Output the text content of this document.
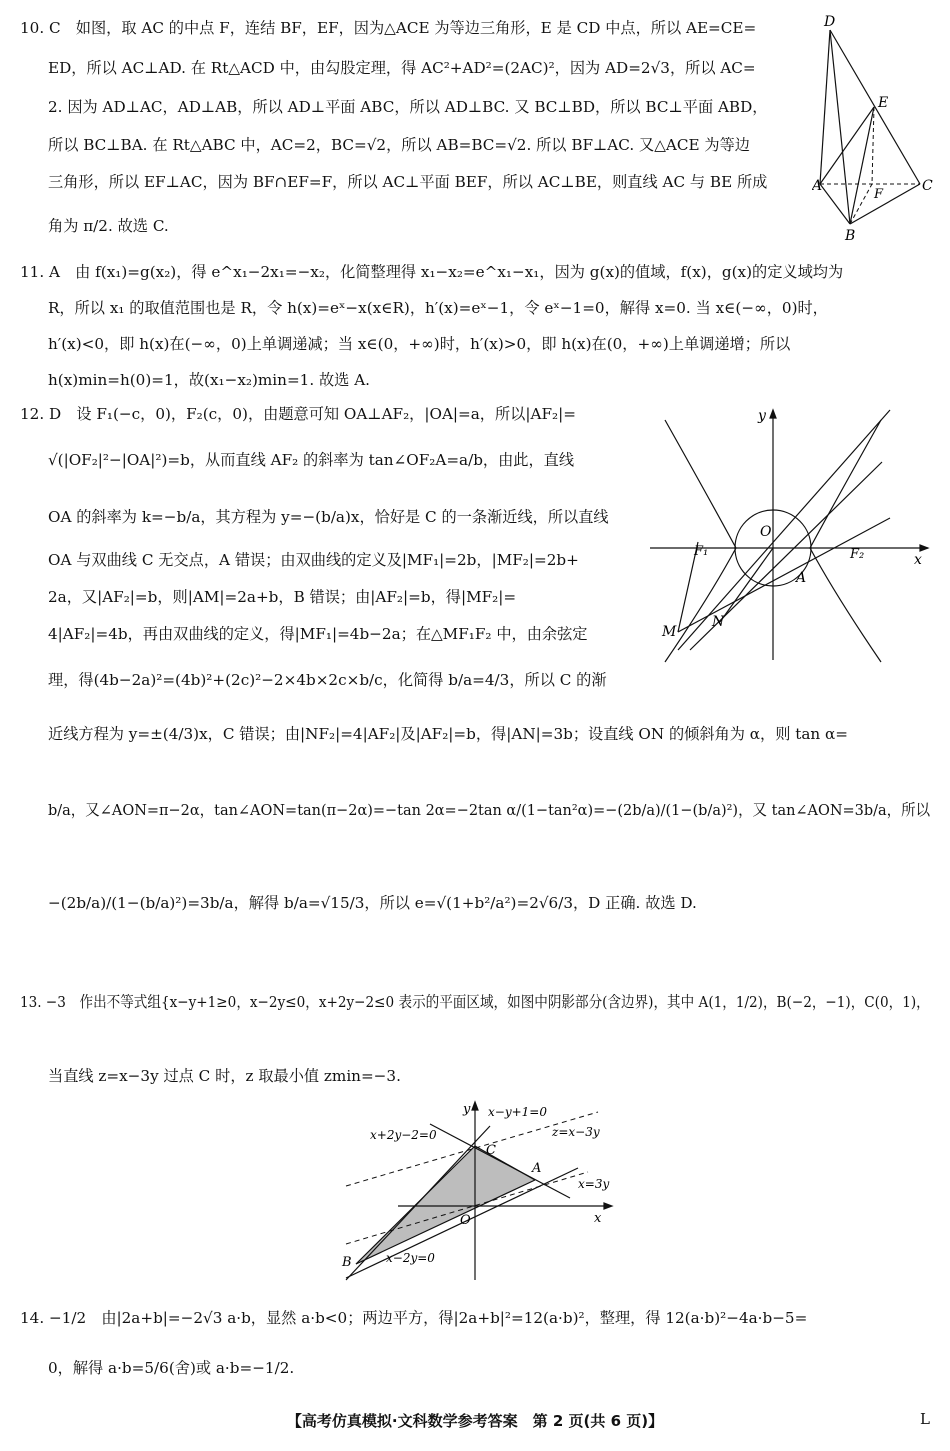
10. C　如图，取 AC 的中点 F，连结 BF，EF，因为△ACE 为等边三角形，E 是 CD 中点，所以 AE=CE=
ED，所以 AC⊥AD. 在 Rt△ACD 中，由勾股定理，得 AC²+AD²=(2AC)²，因为 AD=2√3，所以 AC=
2. 因为 AD⊥AC，AD⊥AB，所以 AD⊥平面 ABC，所以 AD⊥BC. 又 BC⊥BD，所以 BC⊥平面 ABD，
所以 BC⊥BA. 在 Rt△ABC 中，AC=2，BC=√2，所以 AB=BC=√2. 所以 BF⊥AC. 又△ACE 为等边
三角形，所以 EF⊥AC，因为 BF∩EF=F，所以 AC⊥平面 BEF，所以 AC⊥BE，则直线 AC 与 BE 所成
角为 π/2. 故选 C.
11. A　由 f(x₁)=g(x₂)，得 e^x₁−2x₁=−x₂，化简整理得 x₁−x₂=e^x₁−x₁，因为 g(x)的值域，f(x)，g(x)的定义域均为
R，所以 x₁ 的取值范围也是 R，令 h(x)=eˣ−x(x∈R)，h′(x)=eˣ−1，令 eˣ−1=0，解得 x=0. 当 x∈(−∞，0)时，
h′(x)<0，即 h(x)在(−∞，0)上单调递减；当 x∈(0，+∞)时，h′(x)>0，即 h(x)在(0，+∞)上单调递增；所以
h(x)min=h(0)=1，故(x₁−x₂)min=1. 故选 A.
12. D　设 F₁(−c，0)，F₂(c，0)，由题意可知 OA⊥AF₂，|OA|=a，所以|AF₂|=
√(|OF₂|²−|OA|²)=b，从而直线 AF₂ 的斜率为 tan∠OF₂A=a/b，由此，直线
OA 的斜率为 k=−b/a，其方程为 y=−(b/a)x，恰好是 C 的一条渐近线，所以直线
OA 与双曲线 C 无交点，A 错误；由双曲线的定义及|MF₁|=2b，|MF₂|=2b+
2a，又|AF₂|=b，则|AM|=2a+b，B 错误；由|AF₂|=b，得|MF₂|=
4|AF₂|=4b，再由双曲线的定义，得|MF₁|=4b−2a；在△MF₁F₂ 中，由余弦定
理，得(4b−2a)²=(4b)²+(2c)²−2×4b×2c×b/c，化简得 b/a=4/3，所以 C 的渐
近线方程为 y=±(4/3)x，C 错误；由|NF₂|=4|AF₂|及|AF₂|=b，得|AN|=3b；设直线 ON 的倾斜角为 α，则 tan α=
b/a，又∠AON=π−2α，tan∠AON=tan(π−2α)=−tan 2α=−2tan α/(1−tan²α)=−(2b/a)/(1−(b/a)²)，又 tan∠AON=3b/a，所以
−(2b/a)/(1−(b/a)²)=3b/a，解得 b/a=√15/3，所以 e=√(1+b²/a²)=2√6/3，D 正确. 故选 D.
13. −3　作出不等式组{x−y+1≥0，x−2y≤0，x+2y−2≤0 表示的平面区域，如图中阴影部分(含边界)，其中 A(1，1/2)，B(−2，−1)，C(0，1)，
当直线 z=x−3y 过点 C 时，z 取最小值 zmin=−3.
14. −1/2　由|2a+b|=−2√3 a·b，显然 a·b<0；两边平方，得|2a+b|²=12(a·b)²，整理，得 12(a·b)²−4a·b−5=
0，解得 a·b=5/6(舍)或 a·b=−1/2.
D
E
A
F
C
B
y
O
x
F₁	F₂
A
M
N
y
x
O
C
A
B
x+2y−2=0
x−y+1=0
z=x−3y
x=3y
x−2y=0
【高考仿真模拟·文科数学参考答案　第 2 页(共 6 页)】	L
